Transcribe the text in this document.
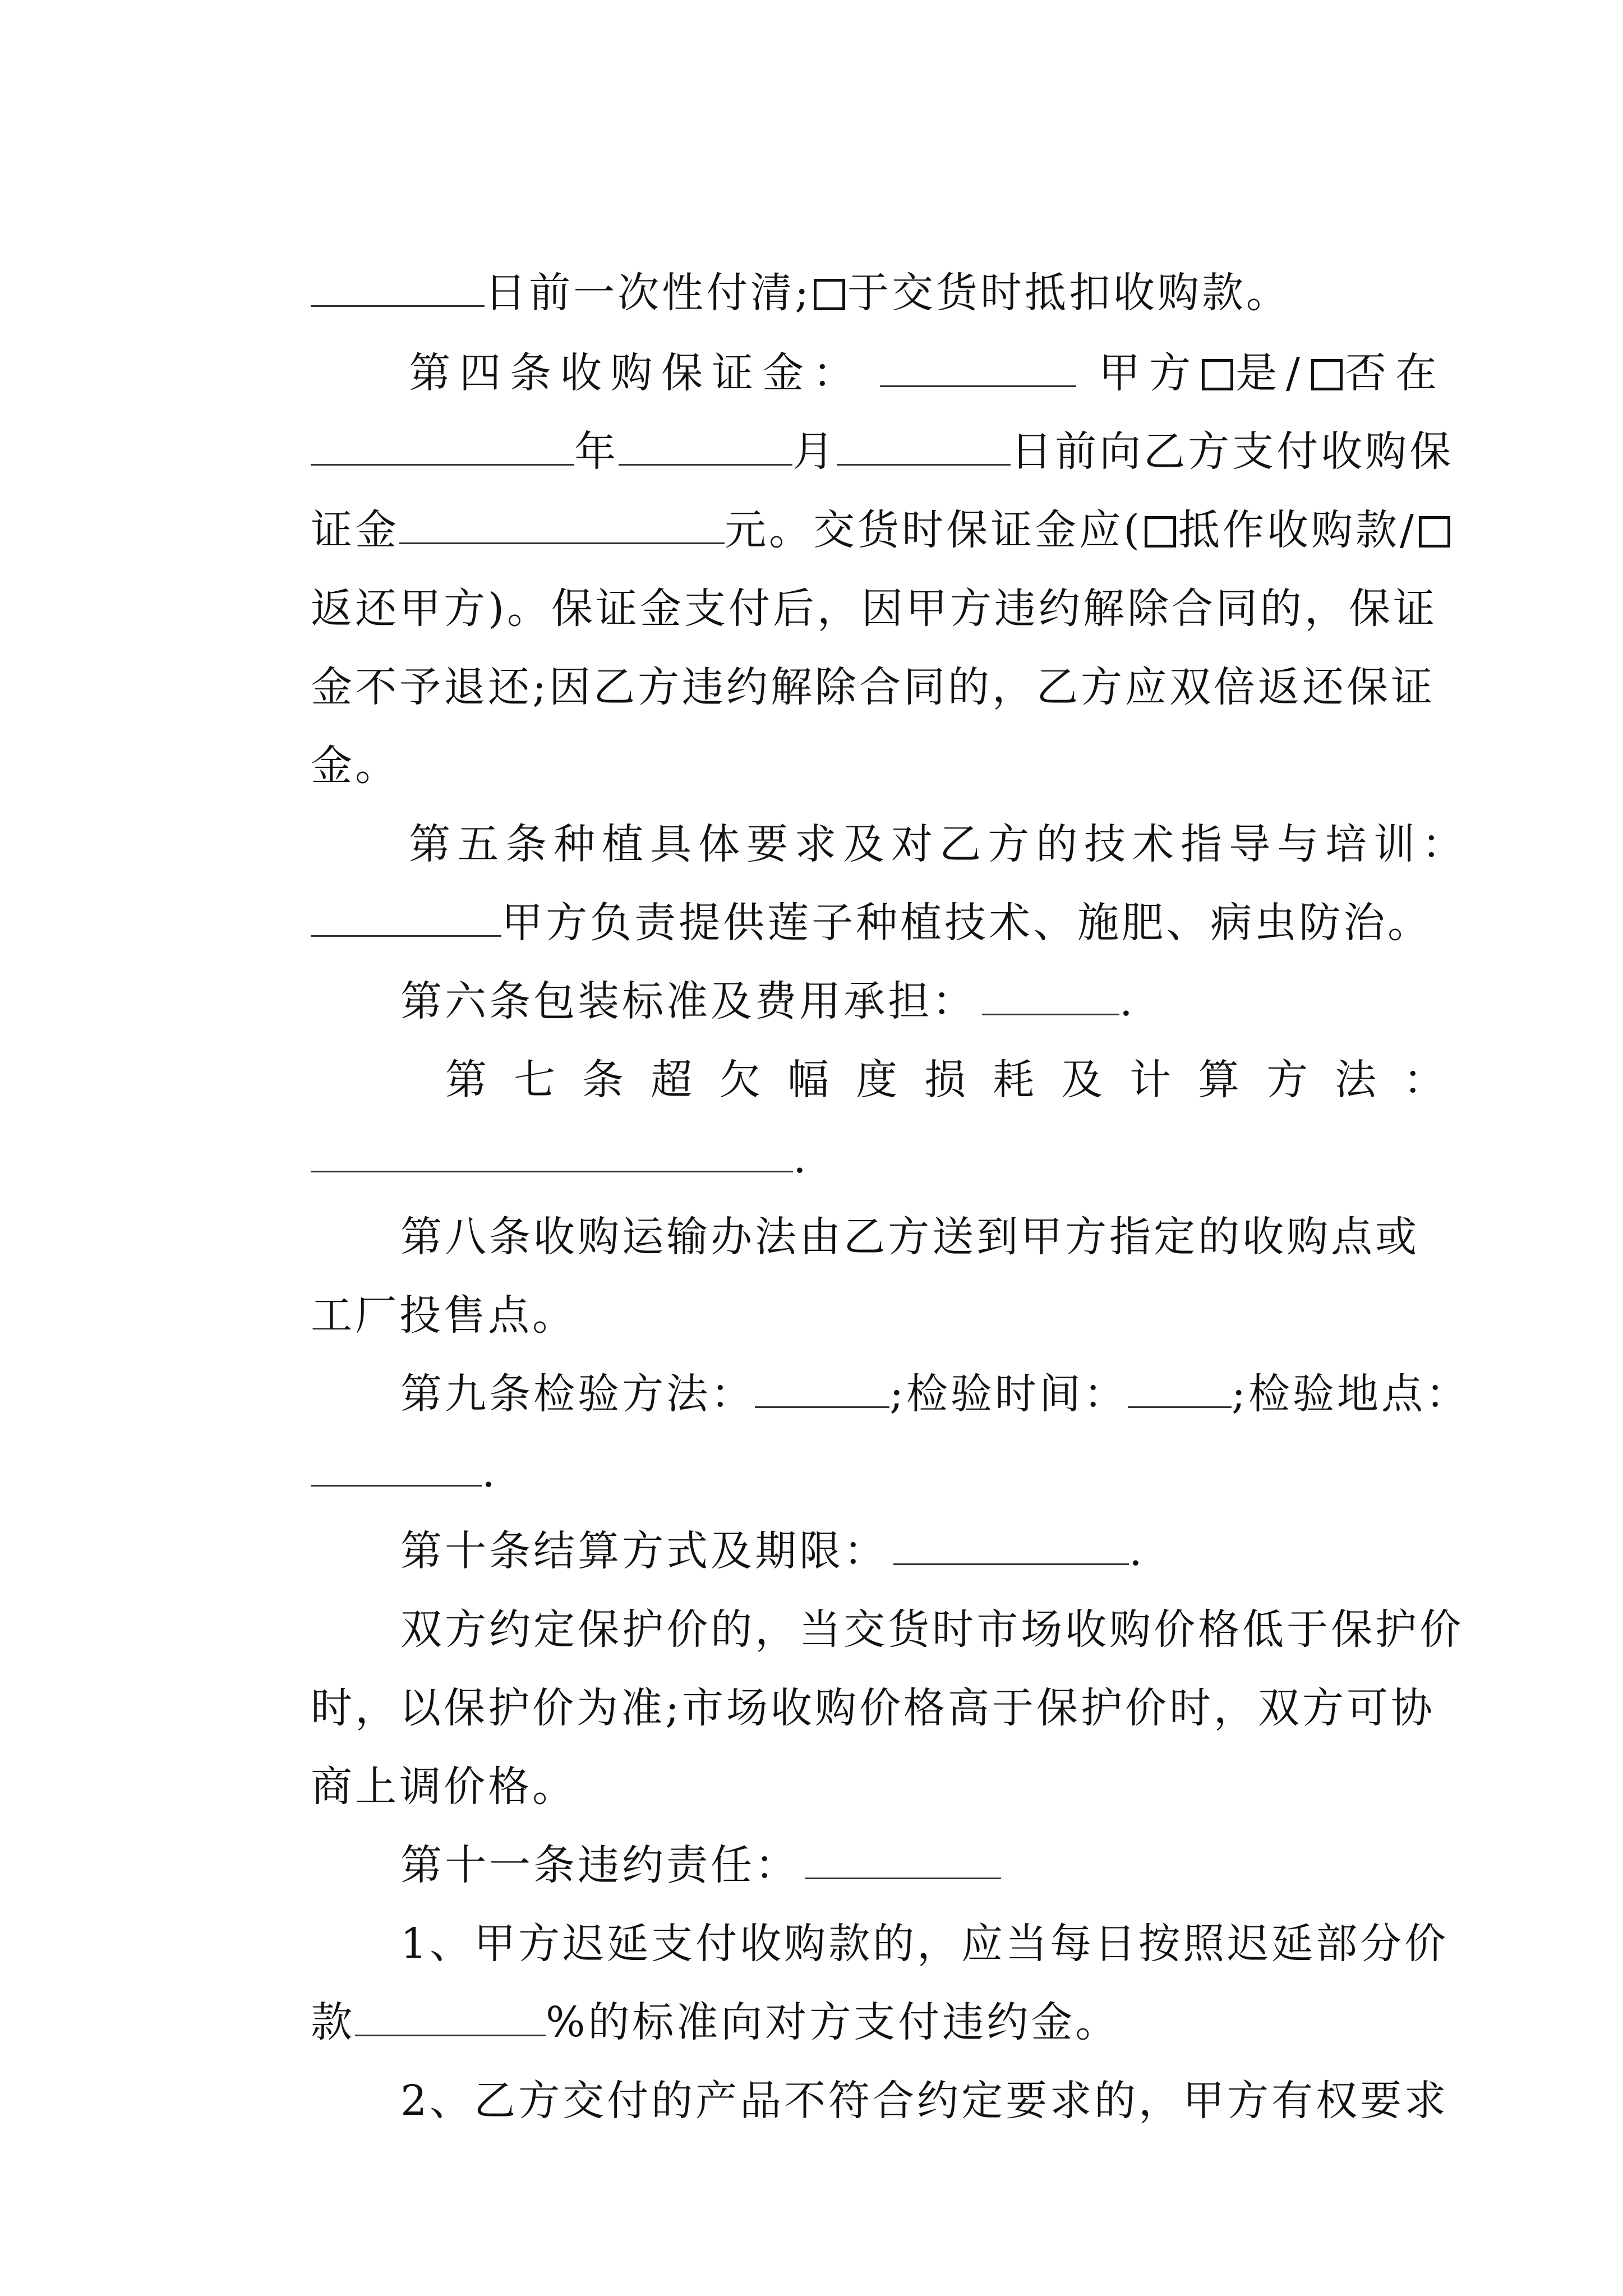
日前一次性付清; 于交货时抵扣收购款。

第四条收购保证金：	甲方 是/ 否在

年	月	日前向乙方支付收购保

证金	元。交货时保证金应( 抵作收购款/

返还甲方)。保证金支付后，因甲方违约解除合同的，保证

金不予退还;因乙方违约解除合同的，乙方应双倍返还保证

金。

第五条种植具体要求及对乙方的技术指导与培训：

甲方负责提供莲子种植技术、施肥、病虫防治。

第六条包装标准及费用承担：	.

第七条超欠幅度损耗及计算方法：

.

第八条收购运输办法由乙方送到甲方指定的收购点或

工厂投售点。

第九条检验方法：	;检验时间：	;检验地点：

.

第十条结算方式及期限：	.

双方约定保护价的，当交货时市场收购价格低于保护价

时，以保护价为准;市场收购价格高于保护价时，双方可协

商上调价格。

第十一条违约责任：

1、甲方迟延支付收购款的，应当每日按照迟延部分价

款	%的标准向对方支付违约金。

2、乙方交付的产品不符合约定要求的，甲方有权要求
